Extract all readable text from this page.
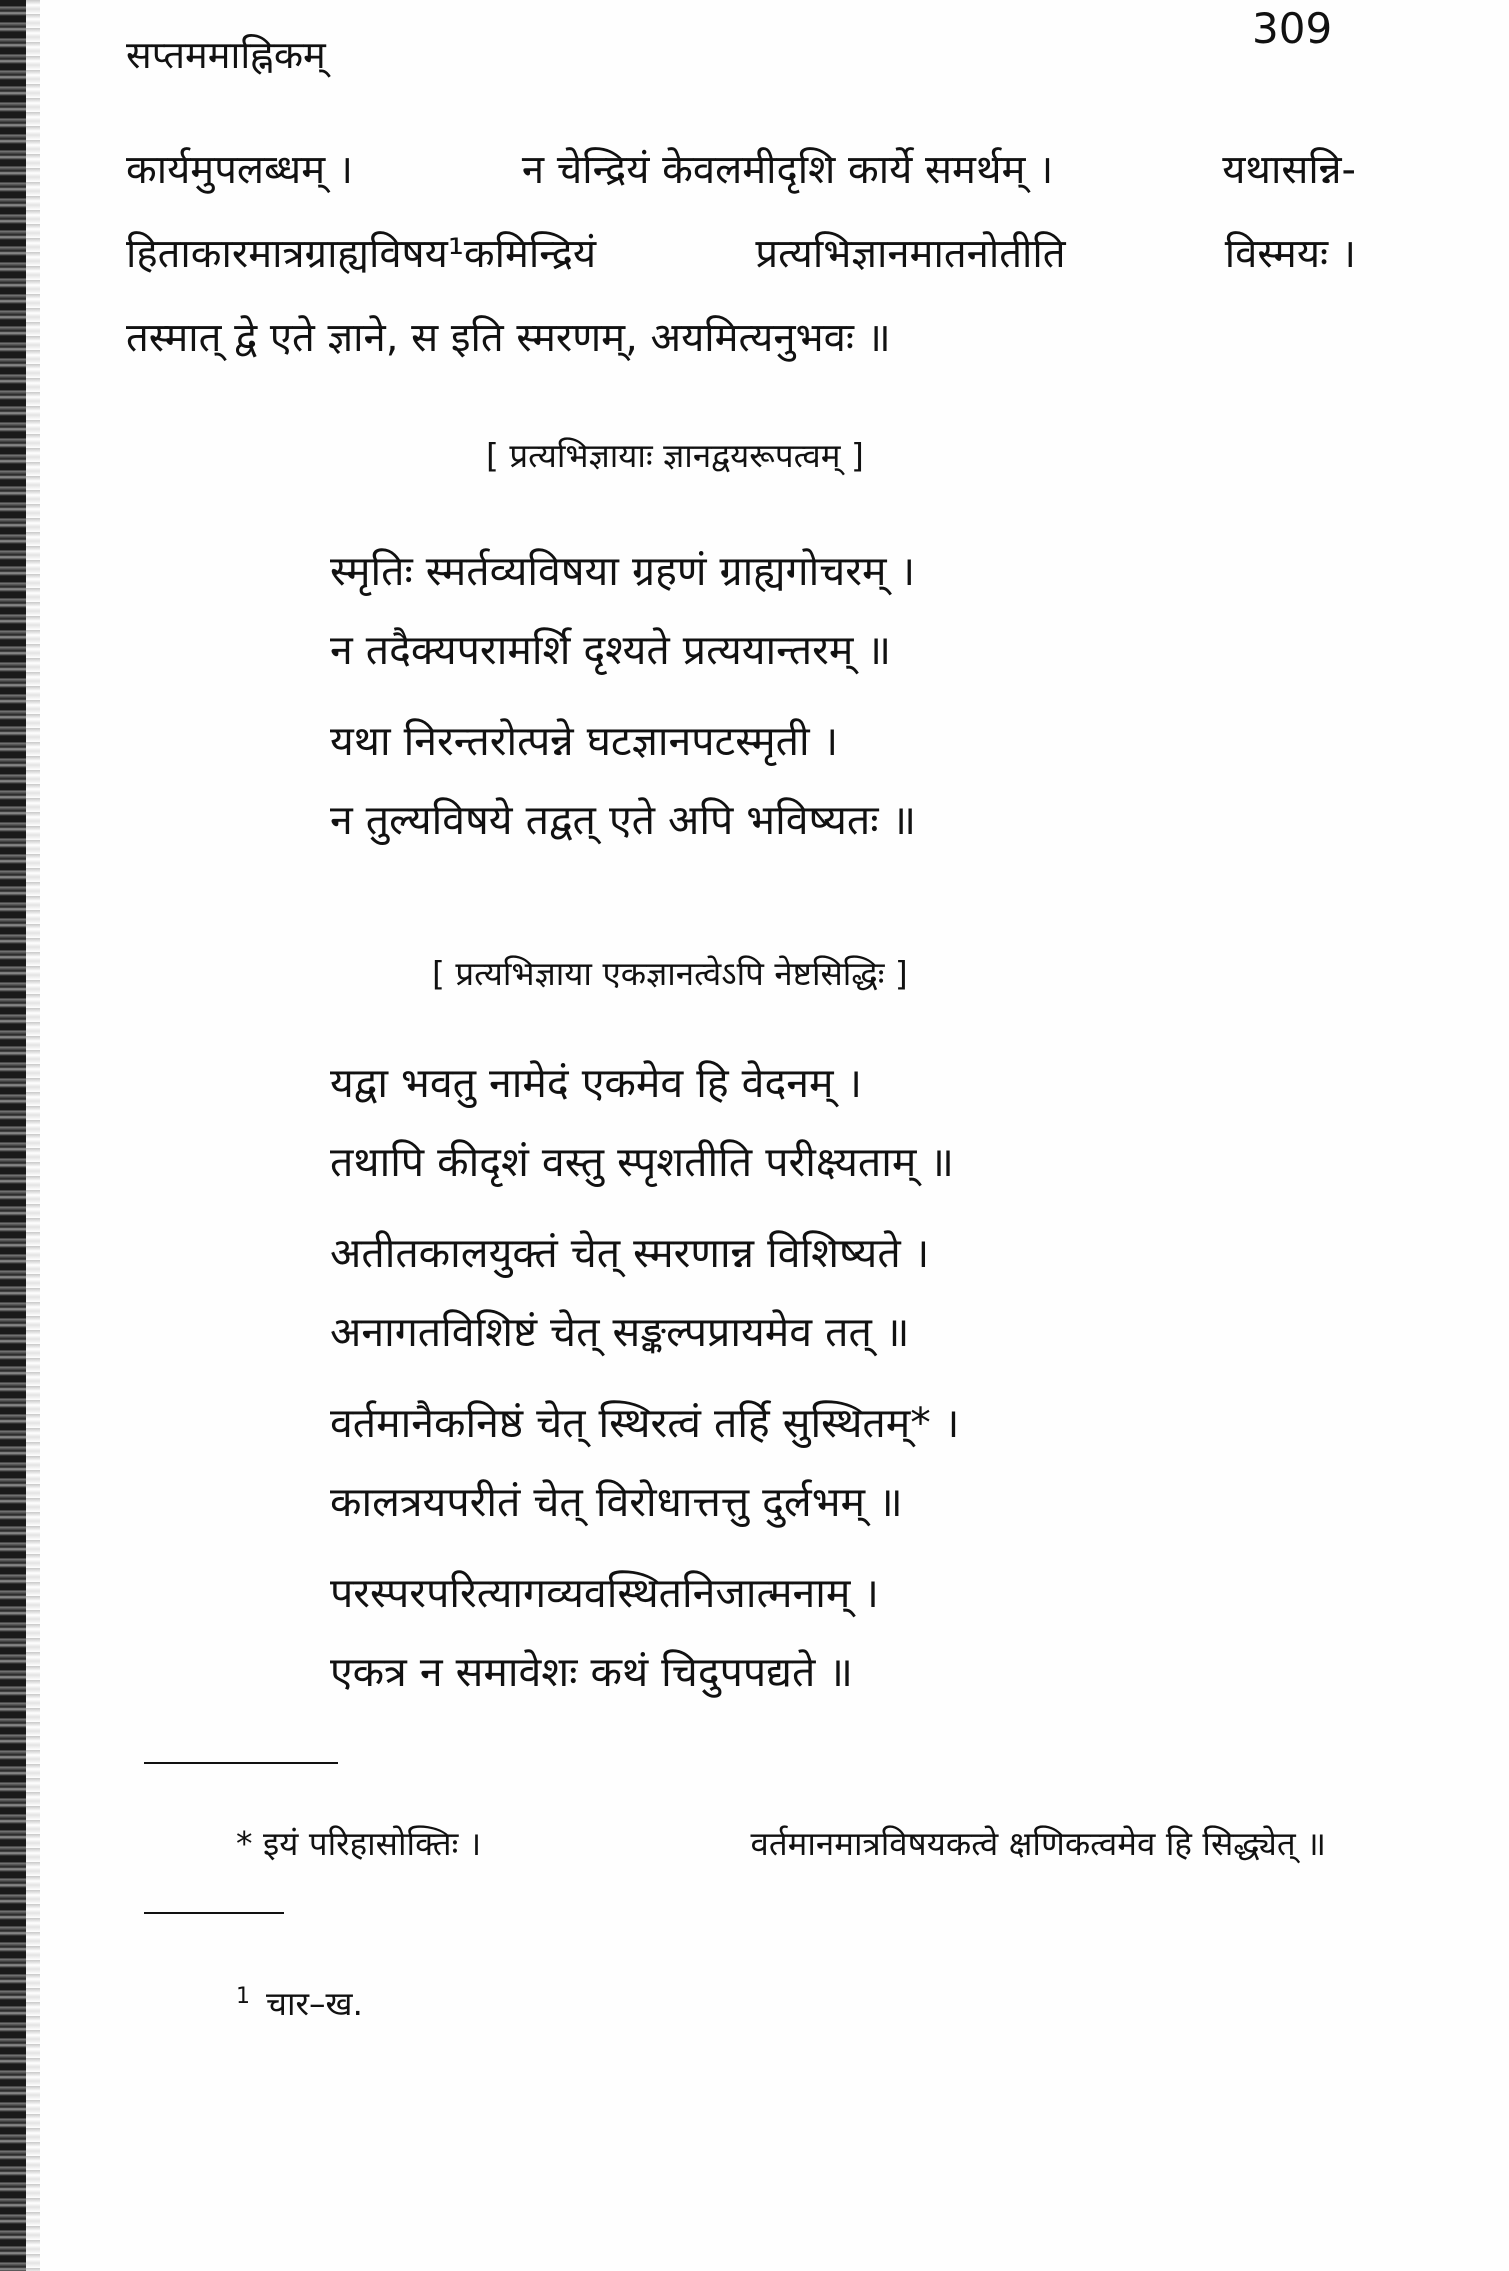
सप्तममाह्निकम्
309
कार्यमुपलब्धम् ।	न चेन्द्रियं केवलमीदृशि कार्ये समर्थम् ।	यथासन्नि-
हिताकारमात्रग्राह्यविषय¹कमिन्द्रियं	प्रत्यभिज्ञानमातनोतीति	विस्मयः ।
तस्मात् द्वे एते ज्ञाने, स इति स्मरणम्, अयमित्यनुभवः ॥
[ प्रत्यभिज्ञायाः ज्ञानद्वयरूपत्वम् ]
स्मृतिः स्मर्तव्यविषया ग्रहणं ग्राह्यगोचरम् ।
न तदैक्यपरामर्शि दृश्यते प्रत्ययान्तरम् ॥
यथा निरन्तरोत्पन्ने घटज्ञानपटस्मृती ।
न तुल्यविषये तद्वत् एते अपि भविष्यतः ॥
[ प्रत्यभिज्ञाया एकज्ञानत्वेऽपि नेष्टसिद्धिः ]
यद्वा भवतु नामेदं एकमेव हि वेदनम् ।
तथापि कीदृशं वस्तु स्पृशतीति परीक्ष्यताम् ॥
अतीतकालयुक्तं चेत् स्मरणान्न विशिष्यते ।
अनागतविशिष्टं चेत् सङ्कल्पप्रायमेव तत् ॥
वर्तमानैकनिष्ठं चेत् स्थिरत्वं तर्हि सुस्थितम्* ।
कालत्रयपरीतं चेत् विरोधात्तत्तु दुर्लभम् ॥
परस्परपरित्यागव्यवस्थितनिजात्मनाम् ।
एकत्र न समावेशः कथं चिदुपपद्यते ॥
* इयं परिहासोक्तिः ।	वर्तमानमात्रविषयकत्वे क्षणिकत्वमेव हि सिद्ध्येत् ॥
$^1$ चार–ख.
